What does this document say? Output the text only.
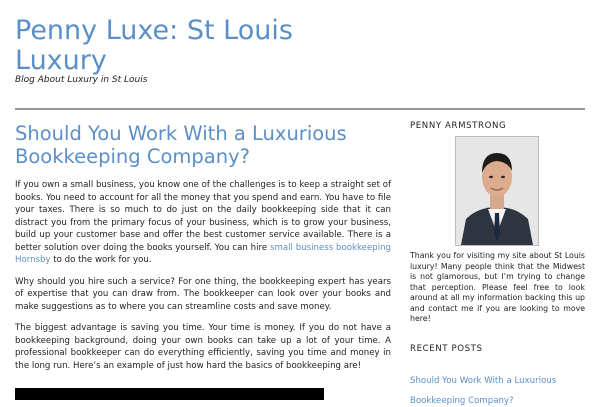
Penny Luxe: St Louis Luxury
Blog About Luxury in St Louis
Should You Work With a Luxurious Bookkeeping Company?

If you own a small business, you know one of the challenges is to keep a straight set of books. You need to account for all the money that you spend and earn. You have to file your taxes. There is so much to do just on the daily bookkeeping side that it can distract you from the primary focus of your business, which is to grow your business, build up your customer base and offer the best customer service available. There is a better solution over doing the books yourself. You can hire small business bookkeeping Hornsby to do the work for you.

Why should you hire such a service? For one thing, the bookkeeping expert has years of expertise that you can draw from. The bookkeeper can look over your books and make suggestions as to where you can streamline costs and save money.

The biggest advantage is saving you time. Your time is money. If you do not have a bookkeeping background, doing your own books can take up a lot of your time. A professional bookkeeper can do everything efficiently, saving you time and money in the long run. Here’s an example of just how hard the basics of bookkeeping are!

PENNY ARMSTRONG
Thank you for visiting my site about St Louis luxury! Many people think that the Midwest is not glamorous, but I’m trying to change that perception. Please feel free to look around at all my information backing this up and contact me if you are looking to move here!
RECENT POSTS
Should You Work With a Luxurious Bookkeeping Company?
